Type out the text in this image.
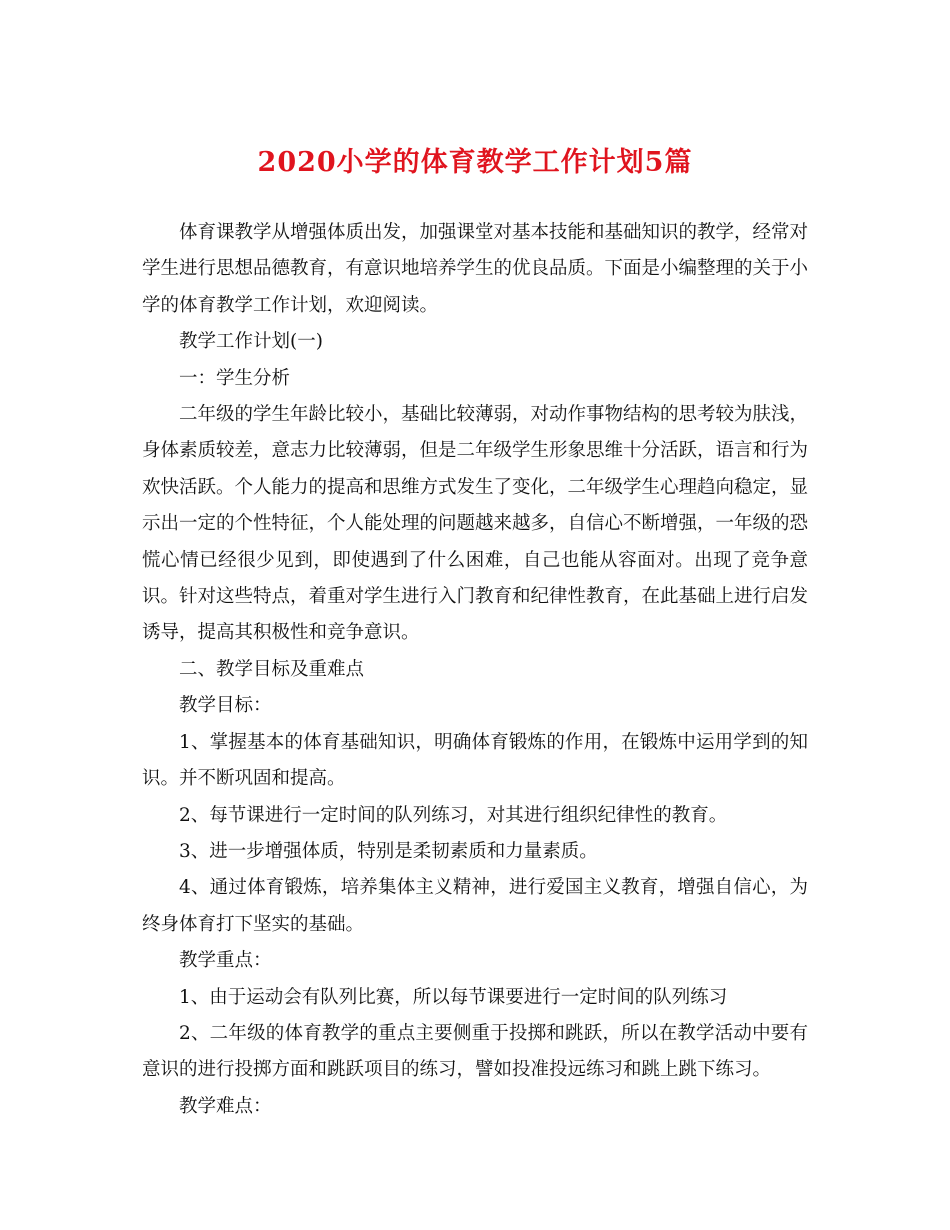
2020小学的体育教学工作计划5篇

体育课教学从增强体质出发，加强课堂对基本技能和基础知识的教学，经常对学生进行思想品德教育，有意识地培养学生的优良品质。下面是小编整理的关于小学的体育教学工作计划，欢迎阅读。

教学工作计划(一)

一：学生分析

二年级的学生年龄比较小，基础比较薄弱，对动作事物结构的思考较为肤浅，身体素质较差，意志力比较薄弱，但是二年级学生形象思维十分活跃，语言和行为欢快活跃。个人能力的提高和思维方式发生了变化，二年级学生心理趋向稳定，显示出一定的个性特征，个人能处理的问题越来越多，自信心不断增强，一年级的恐慌心情已经很少见到，即使遇到了什么困难，自己也能从容面对。出现了竞争意识。针对这些特点，着重对学生进行入门教育和纪律性教育，在此基础上进行启发诱导，提高其积极性和竞争意识。

二、教学目标及重难点

教学目标：

1、掌握基本的体育基础知识，明确体育锻炼的作用，在锻炼中运用学到的知识。并不断巩固和提高。

2、每节课进行一定时间的队列练习，对其进行组织纪律性的教育。

3、进一步增强体质，特别是柔韧素质和力量素质。

4、通过体育锻炼，培养集体主义精神，进行爱国主义教育，增强自信心，为终身体育打下坚实的基础。

教学重点：

1、由于运动会有队列比赛，所以每节课要进行一定时间的队列练习

2、二年级的体育教学的重点主要侧重于投掷和跳跃，所以在教学活动中要有意识的进行投掷方面和跳跃项目的练习，譬如投准投远练习和跳上跳下练习。

教学难点：
